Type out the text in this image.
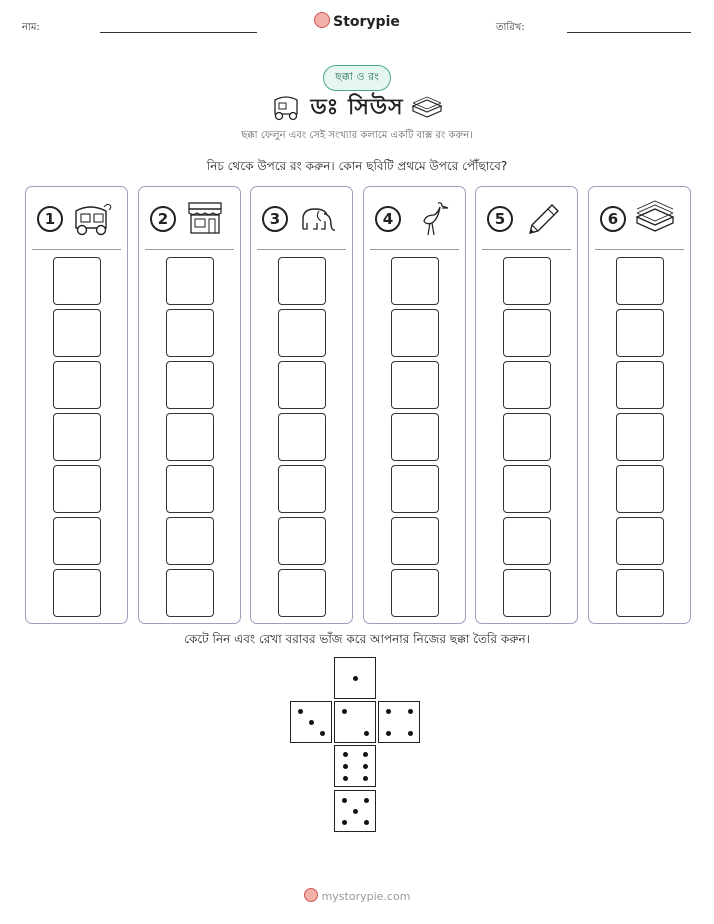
নাম:	Storypie	তারিখ:
ছক্কা ও রং
ডঃ সিউস
ছক্কা ফেলুন এবং সেই সংখ্যার কলামে একটি বাক্স রং করুন।
নিচ থেকে উপরে রং করুন। কোন ছবিটি প্রথমে উপরে পৌঁছাবে?
1	2	3	4	5	6
কেটে নিন এবং রেখা বরাবর ভাঁজ করে আপনার নিজের ছক্কা তৈরি করুন।
mystorypie.com
